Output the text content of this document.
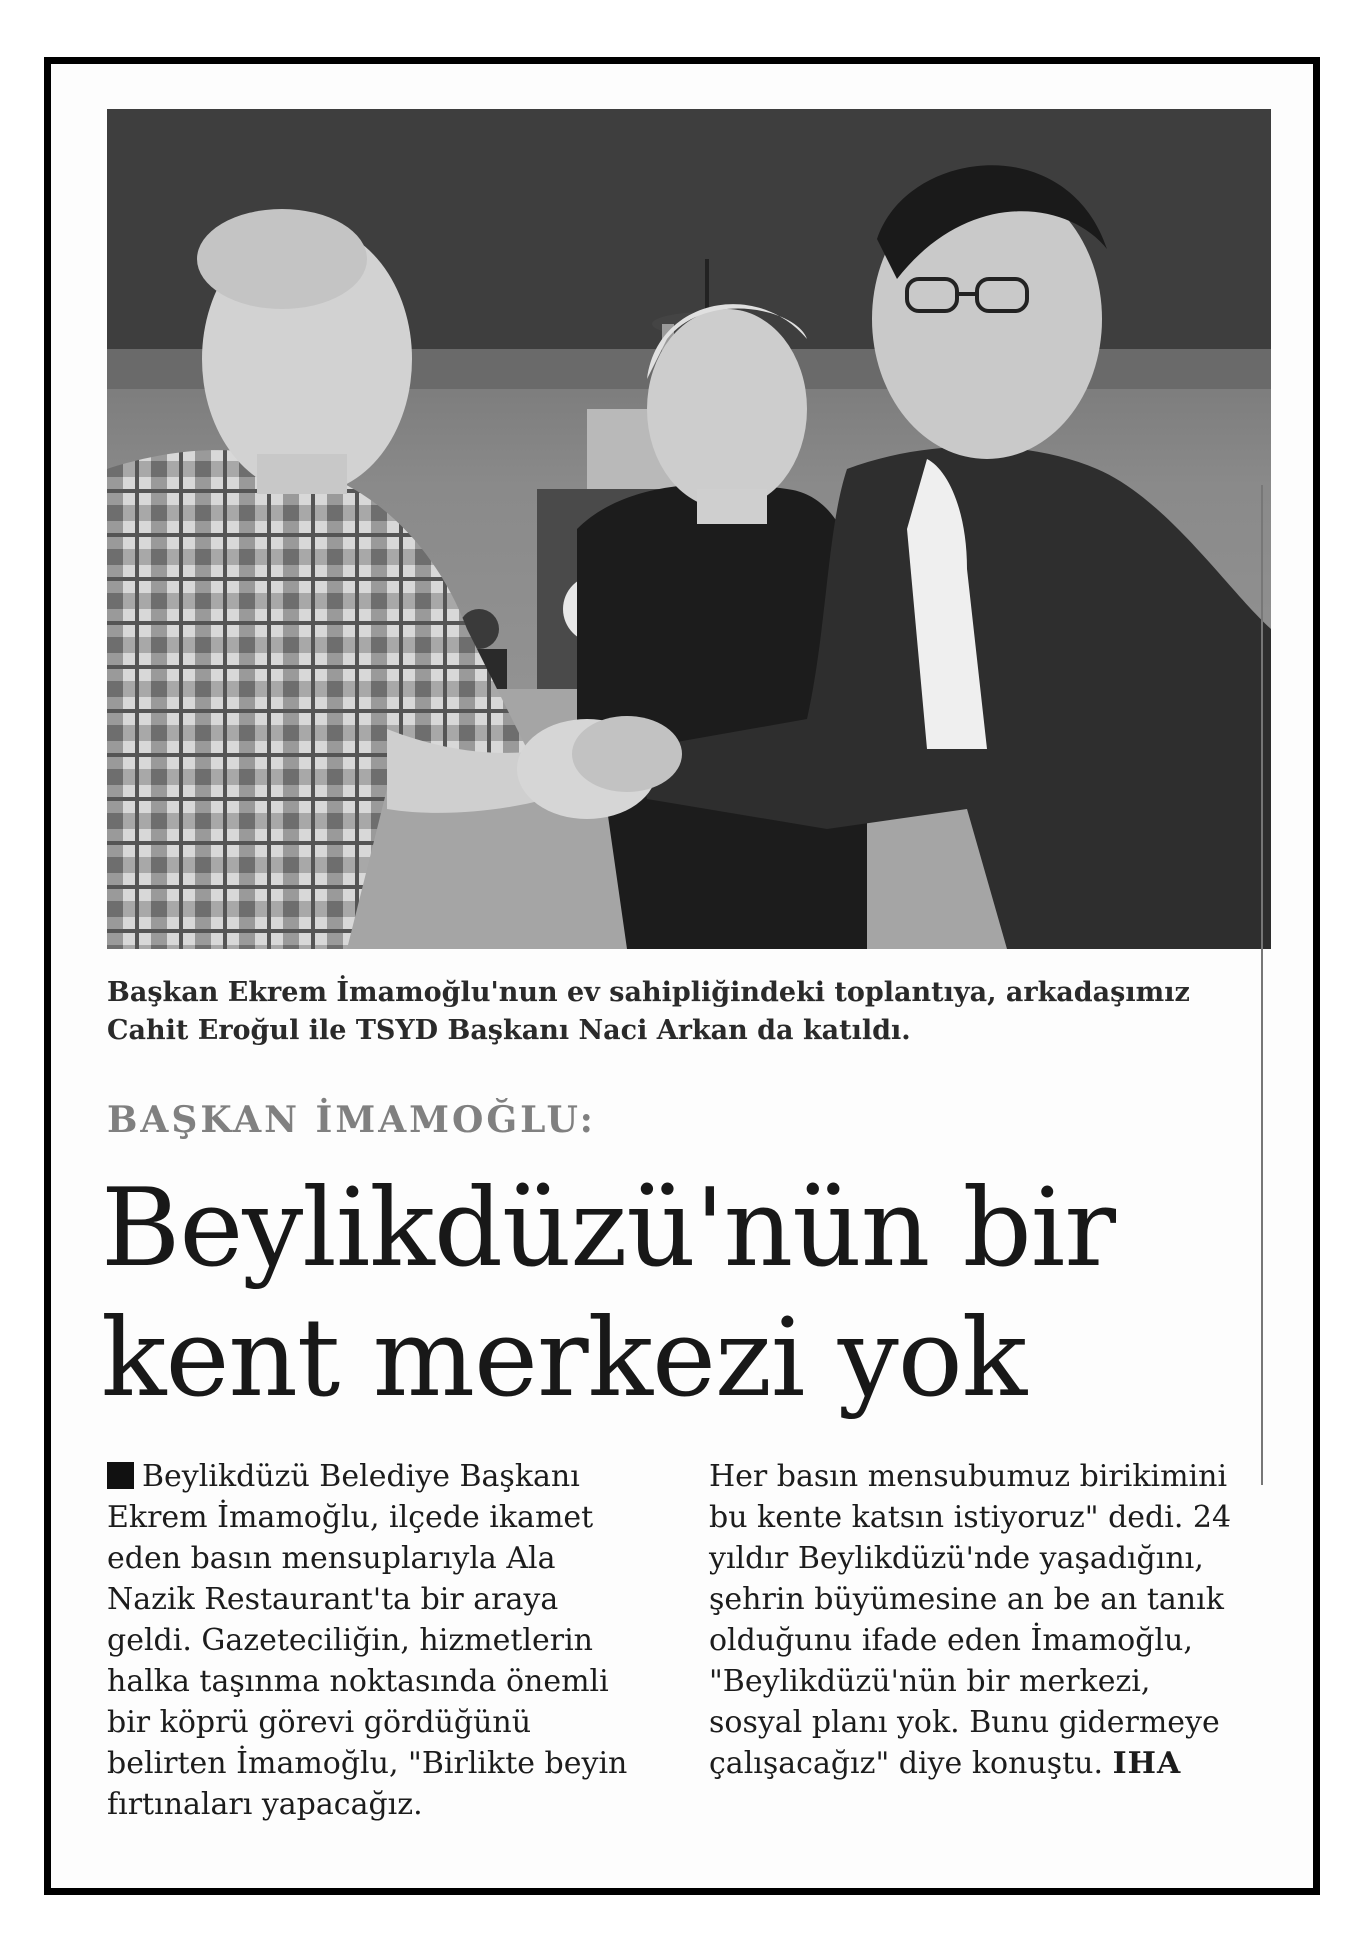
Başkan Ekrem İmamoğlu'nun ev sahipliğindeki toplantıya, arkadaşımız Cahit Eroğul ile TSYD Başkanı Naci Arkan da katıldı.

BAŞKAN İMAMOĞLU:

Beylikdüzü'nün bir kent merkezi yok

Beylikdüzü Belediye Başkanı Ekrem İmamoğlu, ilçede ikamet eden basın mensuplarıyla Ala Nazik Restaurant'ta bir araya geldi. Gazeteciliğin, hizmetlerin halka taşınma noktasında önemli bir köprü görevi gördüğünü belirten İmamoğlu, "Birlikte beyin fırtınaları yapacağız.

Her basın mensubumuz birikimini bu kente katsın istiyoruz" dedi. 24 yıldır Beylikdüzü'nde yaşadığını, şehrin büyümesine an be an tanık olduğunu ifade eden İmamoğlu, "Beylikdüzü'nün bir merkezi, sosyal planı yok. Bunu gidermeye çalışacağız" diye konuştu. IHA
